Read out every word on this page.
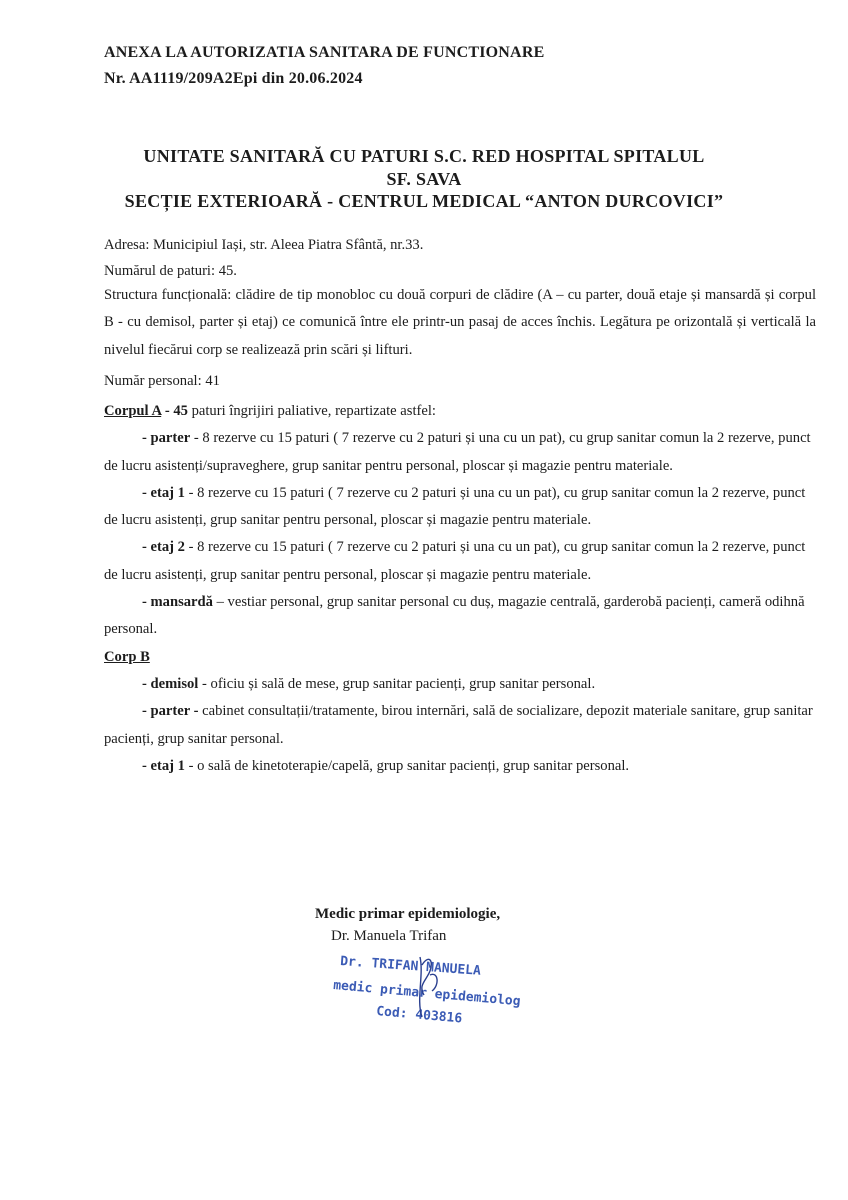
ANEXA LA AUTORIZATIA SANITARA DE FUNCTIONARE
Nr. AA1119/209A2Epi din 20.06.2024
UNITATE SANITARĂ CU PATURI S.C. RED HOSPITAL SPITALUL
SF. SAVA
SECȚIE EXTERIOARĂ - CENTRUL MEDICAL “ANTON DURCOVICI”
Adresa: Municipiul Iași, str. Aleea Piatra Sfântă, nr.33.
Numărul de paturi: 45.
Structura funcțională: clădire de tip monobloc cu două corpuri de clădire (A – cu parter, două etaje și mansardă și corpul B - cu demisol, parter și etaj) ce comunică între ele printr-un pasaj de acces închis. Legătura pe orizontală și verticală la nivelul fiecărui corp se realizează prin scări și lifturi.
Număr personal: 41
Corpul A - 45 paturi îngrijiri paliative, repartizate astfel:
- parter - 8 rezerve cu 15 paturi ( 7 rezerve cu 2 paturi și una cu un pat), cu grup sanitar comun la 2 rezerve, punct de lucru asistenți/supraveghere, grup sanitar pentru personal, ploscar și magazie pentru materiale.
- etaj 1 - 8 rezerve cu 15 paturi ( 7 rezerve cu 2 paturi și una cu un pat), cu grup sanitar comun la 2 rezerve, punct de lucru asistenți, grup sanitar pentru personal, ploscar și magazie pentru materiale.
- etaj 2 - 8 rezerve cu 15 paturi ( 7 rezerve cu 2 paturi și una cu un pat), cu grup sanitar comun la 2 rezerve, punct de lucru asistenți, grup sanitar pentru personal, ploscar și magazie pentru materiale.
- mansardă – vestiar personal, grup sanitar personal cu duș, magazie centrală, garderobă pacienți, cameră odihnă personal.
Corp B
- demisol - oficiu și sală de mese, grup sanitar pacienți, grup sanitar personal.
- parter - cabinet consultații/tratamente, birou internări, sală de socializare, depozit materiale sanitare, grup sanitar pacienți, grup sanitar personal.
- etaj 1 - o sală de kinetoterapie/capelă, grup sanitar pacienți, grup sanitar personal.
Medic primar epidemiologie,
Dr. Manuela Trifan
Dr. TRIFAN MANUELA
medic primar epidemiolog
Cod: 403816
